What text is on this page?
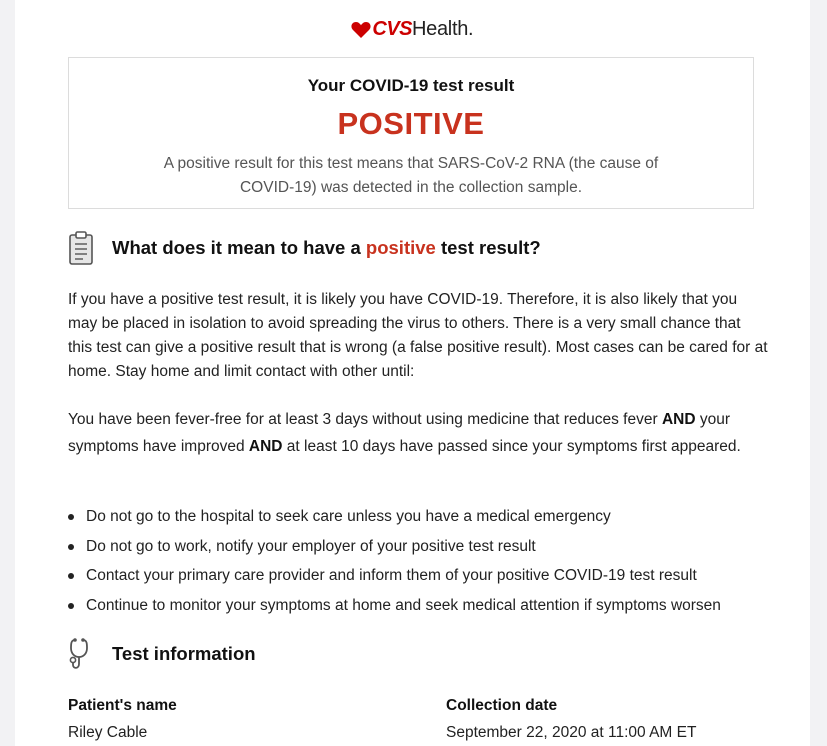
CVS Health .
Your COVID-19 test result
POSITIVE
A positive result for this test means that SARS-CoV-2 RNA (the cause of COVID-19) was detected in the collection sample.
What does it mean to have a positive test result?
If you have a positive test result, it is likely you have COVID-19. Therefore, it is also likely that you may be placed in isolation to avoid spreading the virus to others. There is a very small chance that this test can give a positive result that is wrong (a false positive result). Most cases can be cared for at home. Stay home and limit contact with other until:
You have been fever-free for at least 3 days without using medicine that reduces fever AND your symptoms have improved AND at least 10 days have passed since your symptoms first appeared.
Do not go to the hospital to seek care unless you have a medical emergency
Do not go to work, notify your employer of your positive test result
Contact your primary care provider and inform them of your positive COVID-19 test result
Continue to monitor your symptoms at home and seek medical attention if symptoms worsen
Test information
Patient's name
Riley Cable
Collection date
September 22, 2020 at 11:00 AM ET
